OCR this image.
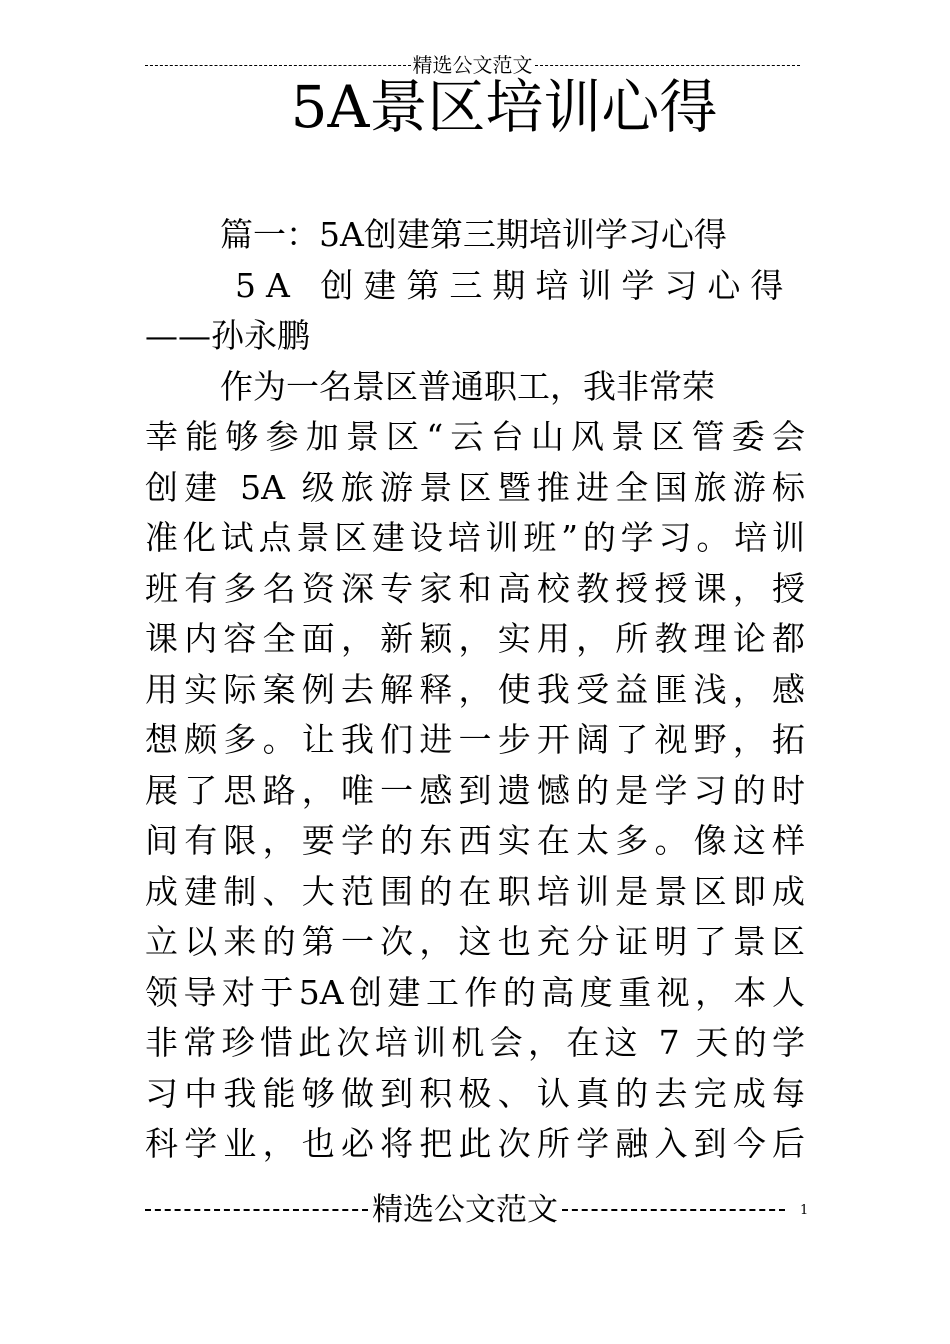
精选公文范文
5A景区培训心得
篇一：5A创建第三期培训学习心得
5A 创建第三期培训学习心得
——孙永鹏
作为一名景区普通职工，我非常荣
幸能够参加景区“云台山风景区管委会
创建 5A 级旅游景区暨推进全国旅游标
准化试点景区建设培训班”的学习。培训
班有多名资深专家和高校教授授课，授
课内容全面，新颖，实用，所教理论都
用实际案例去解释，使我受益匪浅，感
想颇多。让我们进一步开阔了视野，拓
展了思路，唯一感到遗憾的是学习的时
间有限，要学的东西实在太多。像这样
成建制、大范围的在职培训是景区即成
立以来的第一次，这也充分证明了景区
领导对于5A创建工作的高度重视，本人
非常珍惜此次培训机会，在这 7 天的学
习中我能够做到积极、认真的去完成每
科学业，也必将把此次所学融入到今后
精选公文范文	1
